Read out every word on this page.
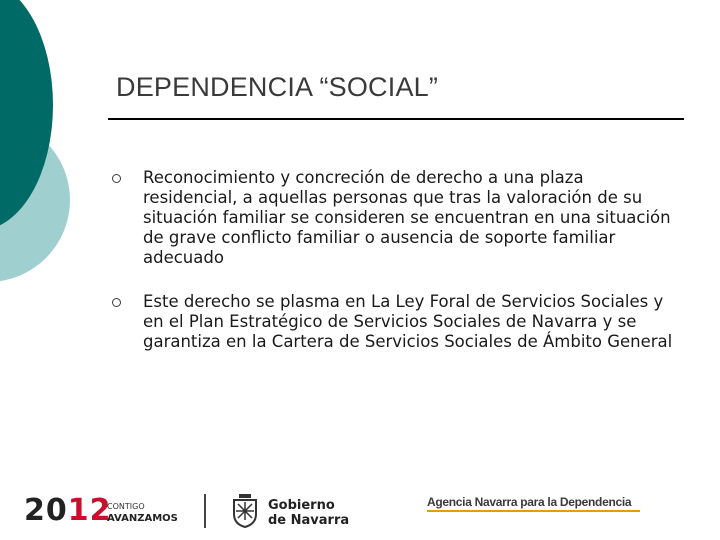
DEPENDENCIA “SOCIAL”
Reconocimiento y concreción de derecho a una plaza residencial, a aquellas personas que tras la valoración de su situación familiar se consideren se encuentran en una situación de grave conflicto familiar o ausencia de soporte familiar adecuado
Este derecho se plasma en La Ley Foral de Servicios Sociales y en el Plan Estratégico de Servicios Sociales de Navarra y se garantiza en la Cartera de Servicios Sociales de Ámbito General
2012
CONTIGO
AVANZAMOS
Gobierno
de Navarra
Agencia Navarra para la Dependencia
